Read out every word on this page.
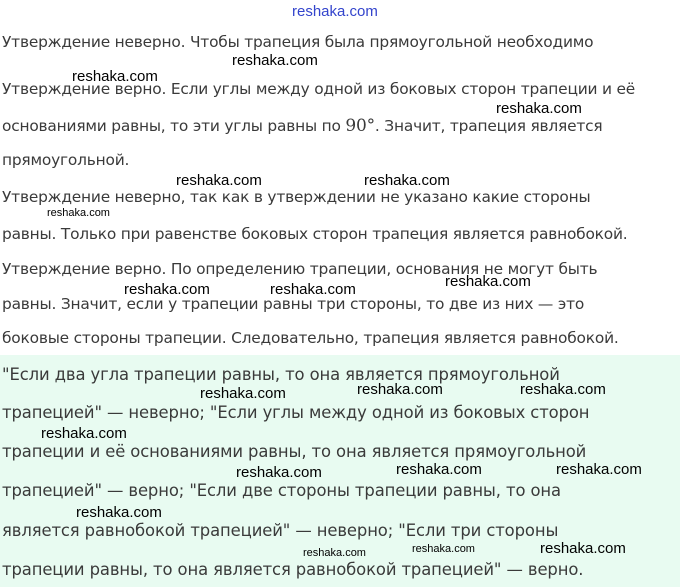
reshaka.com
Утверждение неверно. Чтобы трапеция была прямоугольной необходимо
Утверждение верно. Если углы между одной из боковых сторон трапеции и её
основаниями равны, то эти углы равны по 90°. Значит, трапеция является
прямоугольной.
Утверждение неверно, так как в утверждении не указано какие стороны
равны. Только при равенстве боковых сторон трапеция является равнобокой.
Утверждение верно. По определению трапеции, основания не могут быть
равны. Значит, если у трапеции равны три стороны, то две из них — это
боковые стороны трапеции. Следовательно, трапеция является равнобокой.
"Если два угла трапеции равны, то она является прямоугольной
трапецией" — неверно; "Если углы между одной из боковых сторон
трапеции и её основаниями равны, то она является прямоугольной
трапецией" — верно; "Если две стороны трапеции равны, то она
является равнобокой трапецией" — неверно; "Если три стороны
трапеции равны, то она является равнобокой трапецией" — верно.
reshaka.com
reshaka.com
reshaka.com
reshaka.com	reshaka.com
reshaka.com
reshaka.com
reshaka.com	reshaka.com
reshaka.com	reshaka.com
reshaka.com
reshaka.com
reshaka.com	reshaka.com
reshaka.com
reshaka.com
reshaka.com	reshaka.com	reshaka.com
